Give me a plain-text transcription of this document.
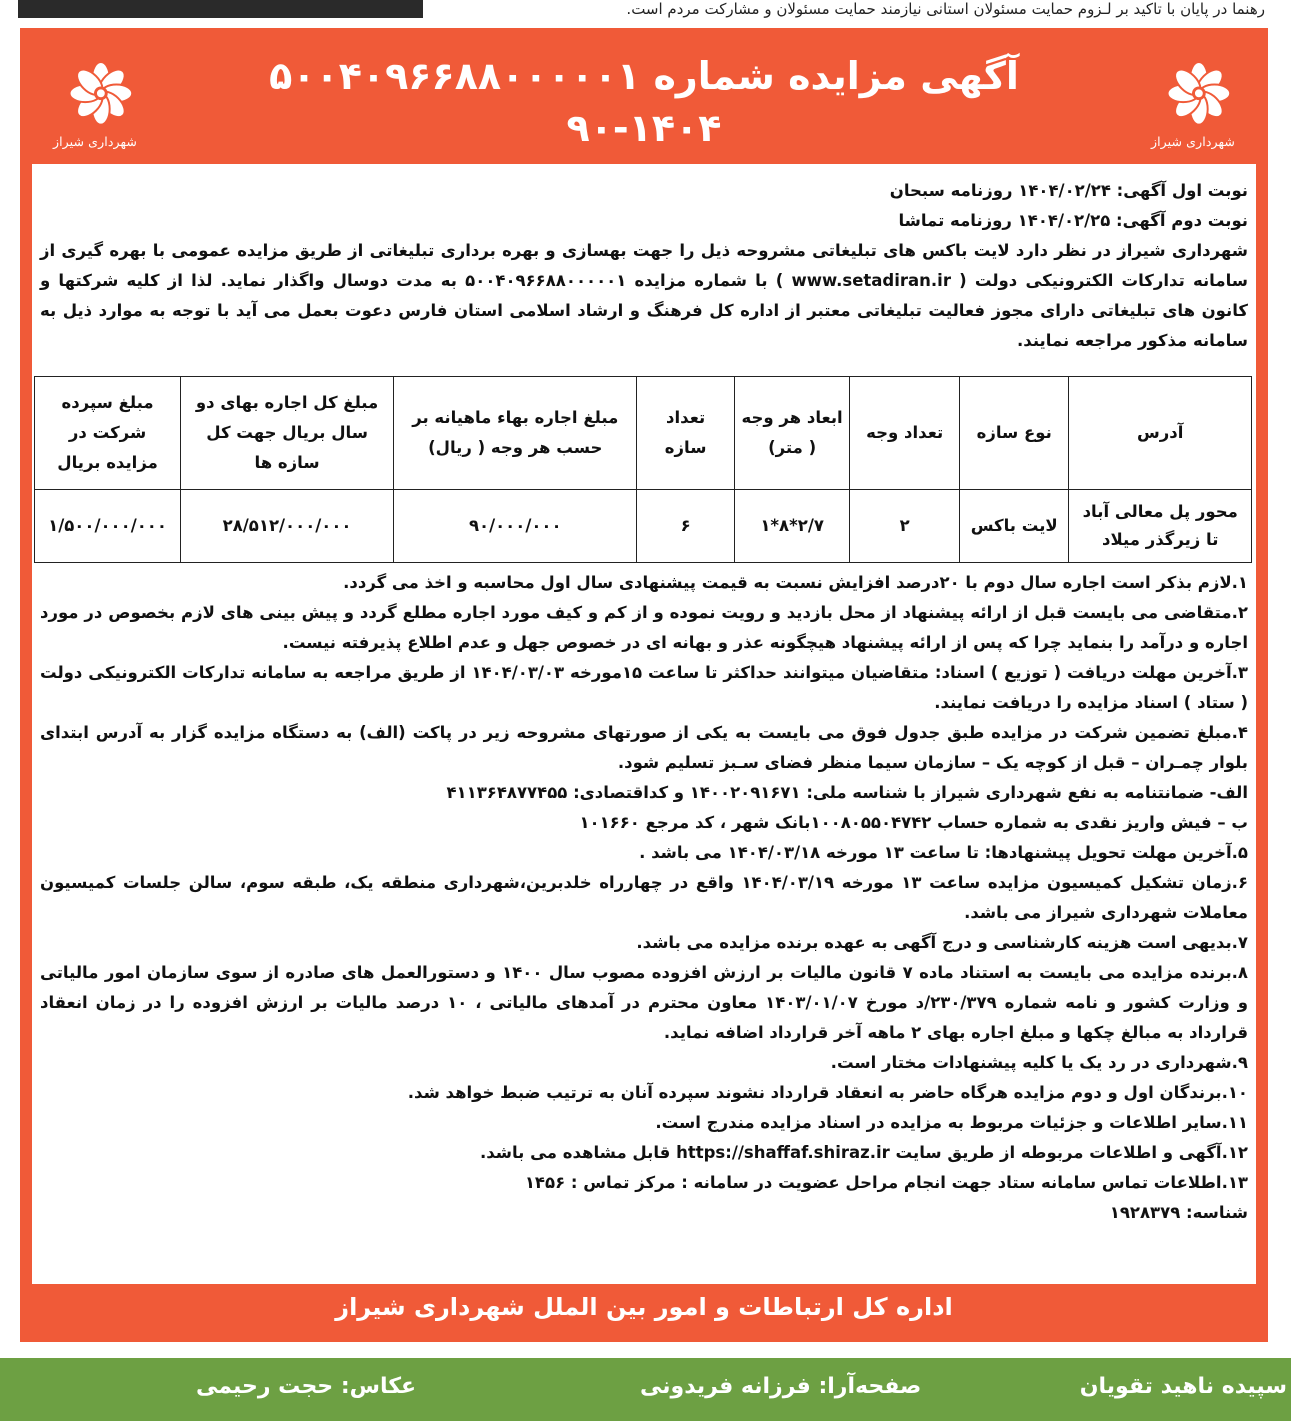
رهنما در پایان با تاکید بر لـزوم حمایت مسئولان استانی نیازمند حمایت مسئولان و مشارکت مردم است.
شهرداری شیراز	شهرداری شیراز
آگهی مزایده شماره ۵۰۰۴۰۹۶۶۸۸۰۰۰۰۰۱
۹۰-۱۴۰۴

نوبت اول آگهی: ۱۴۰۴/۰۲/۲۴ روزنامه سبحان

نوبت دوم آگهی: ۱۴۰۴/۰۲/۲۵ روزنامه تماشا

شهرداری شیراز در نظر دارد لایت باکس های تبلیغاتی مشروحه ذیل را جهت بهسازی و بهره برداری تبلیغاتی از طریق مزایده عمومی با بهره گیری از سامانه تدارکات الکترونیکی دولت ( www.setadiran.ir ) با شماره مزایده ۵۰۰۴۰۹۶۶۸۸۰۰۰۰۰۱ به مدت دوسال واگذار نماید. لذا از کلیه شرکتها و کانون های تبلیغاتی دارای مجوز فعالیت تبلیغاتی معتبر از اداره کل فرهنگ و ارشاد اسلامی استان فارس دعوت بعمل می آید با توجه به موارد ذیل به سامانه مذکور مراجعه نمایند.

آدرس	نوع سازه	تعداد وجه	ابعاد هر وجه ( متر)	تعداد سازه	مبلغ اجاره بهاء ماهیانه بر حسب هر وجه ( ریال)	مبلغ کل اجاره بهای دو سال بریال جهت کل سازه ها	مبلغ سپرده شرکت در مزایده بریال
محور پل معالی آباد تا زیرگذر میلاد	لایت باکس	۲	۲/۷*۸*۱	۶	۹۰/۰۰۰/۰۰۰	۲۸/۵۱۲/۰۰۰/۰۰۰	۱/۵۰۰/۰۰۰/۰۰۰

۱.لازم بذکر است اجاره سال دوم با ۲۰درصد افزایش نسبت به قیمت پیشنهادی سال اول محاسبه و اخذ می گردد.

۲.متقاضی می بایست قبل از ارائه پیشنهاد از محل بازدید و رویت نموده و از کم و کیف مورد اجاره مطلع گردد و پیش بینی های لازم بخصوص در مورد اجاره و درآمد را بنماید چرا که پس از ارائه پیشنهاد هیچگونه عذر و بهانه ای در خصوص جهل و عدم اطلاع پذیرفته نیست.

۳.آخرین مهلت دریافت ( توزیع ) اسناد: متقاضیان میتوانند حداکثر تا ساعت ۱۵مورخه ۱۴۰۴/۰۳/۰۳ از طریق مراجعه به سامانه تدارکات الکترونیکی دولت ( ستاد ) اسناد مزایده را دریافت نمایند.

۴.مبلغ تضمین شرکت در مزایده طبق جدول فوق می بایست به یکی از صورتهای مشروحه زیر در پاکت (الف) به دستگاه مزایده گزار به آدرس ابتدای بلوار چمـران – قبل از کوچه یک – سازمان سیما منظر فضای سـبز تسلیم شود.

الف- ضمانتنامه به نفع شهرداری شیراز با شناسه ملی: ۱۴۰۰۲۰۹۱۶۷۱ و کداقتصادی: ۴۱۱۳۶۴۸۷۷۴۵۵

ب – فیش واریز نقدی به شماره حساب ۱۰۰۸۰۵۵۰۴۷۴۲بانک شهر ، کد مرجع ۱۰۱۶۶۰

۵.آخرین مهلت تحویل پیشنهادها: تا ساعت ۱۳ مورخه ۱۴۰۴/۰۳/۱۸ می باشد .

۶.زمان تشکیل کمیسیون مزایده ساعت ۱۳ مورخه ۱۴۰۴/۰۳/۱۹ واقع در چهارراه خلدبرین،شهرداری منطقه یک، طبقه سوم، سالن جلسات کمیسیون معاملات شهرداری شیراز می باشد.

۷.بدیهی است هزینه کارشناسی و درج آگهی به عهده برنده مزایده می باشد.

۸.برنده مزایده می بایست به استناد ماده ۷ قانون مالیات بر ارزش افزوده مصوب سال ۱۴۰۰ و دستورالعمل های صادره از سوی سازمان امور مالیاتی و وزارت کشور و نامه شماره ۲۳۰/۳۷۹/د مورخ ۱۴۰۳/۰۱/۰۷ معاون محترم در آمدهای مالیاتی ، ۱۰ درصد مالیات بر ارزش افزوده را در زمان انعقاد قرارداد به مبالغ چکها و مبلغ اجاره بهای ۲ ماهه آخر قرارداد اضافه نماید.

۹.شهرداری در رد یک یا کلیه پیشنهادات مختار است.

۱۰.برندگان اول و دوم مزایده هرگاه حاضر به انعقاد قرارداد نشوند سپرده آنان به ترتیب ضبط خواهد شد.

۱۱.سایر اطلاعات و جزئیات مربوط به مزایده در اسناد مزایده مندرج است.

۱۲.آگهی و اطلاعات مربوطه از طریق سایت https://shaffaf.shiraz.ir قابل مشاهده می باشد.

۱۳.اطلاعات تماس سامانه ستاد جهت انجام مراحل عضویت در سامانه : مرکز تماس : ۱۴۵۶

شناسه: ۱۹۲۸۳۷۹

اداره کل ارتباطات و امور بین الملل شهرداری شیراز
سپیده ناهید تقویان
صفحه‌آرا: فرزانه فریدونی
عکاس: حجت رحیمی
